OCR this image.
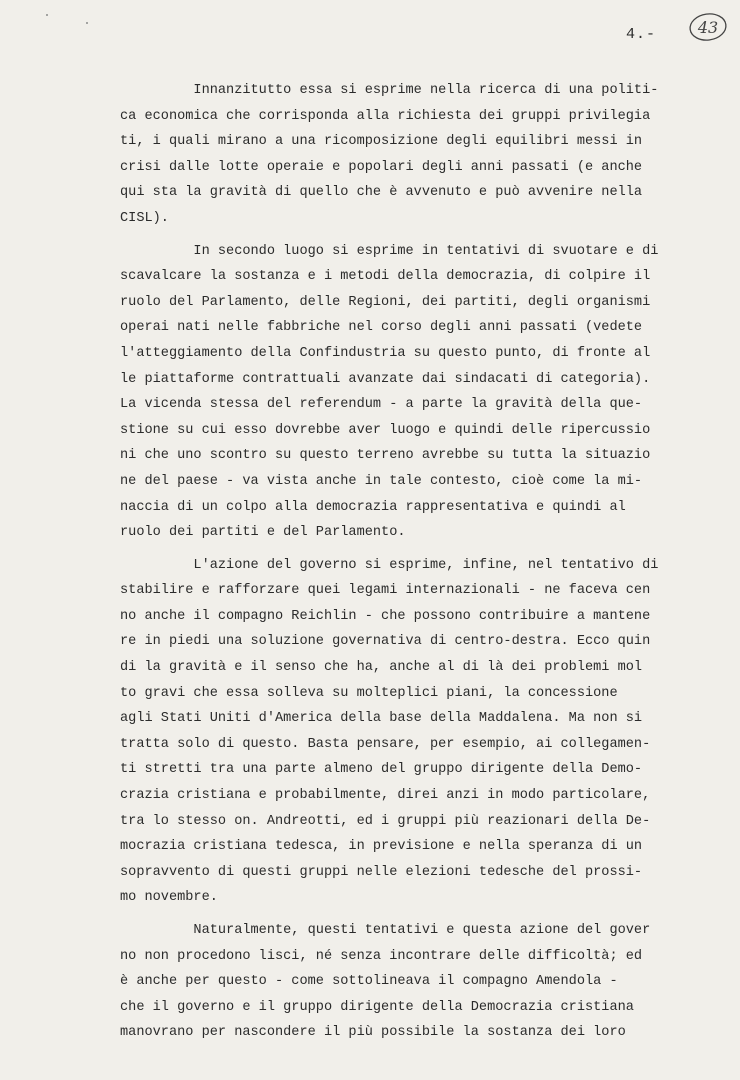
4.-	43
Innanzitutto essa si esprime nella ricerca di una politi-
ca economica che corrisponda alla richiesta dei gruppi privilegia
ti, i quali mirano a una ricomposizione degli equilibri messi in
crisi dalle lotte operaie e popolari degli anni passati (e anche
qui sta la gravità di quello che è avvenuto e può avvenire nella
CISL).
In secondo luogo si esprime in tentativi di svuotare e di
scavalcare la sostanza e i metodi della democrazia, di colpire il
ruolo del Parlamento, delle Regioni, dei partiti, degli organismi
operai nati nelle fabbriche nel corso degli anni passati (vedete
l'atteggiamento della Confindustria su questo punto, di fronte al
le piattaforme contrattuali avanzate dai sindacati di categoria).
La vicenda stessa del referendum - a parte la gravità della que-
stione su cui esso dovrebbe aver luogo e quindi delle ripercussio
ni che uno scontro su questo terreno avrebbe su tutta la situazio
ne del paese - va vista anche in tale contesto, cioè come la mi-
naccia di un colpo alla democrazia rappresentativa e quindi al
ruolo dei partiti e del Parlamento.
L'azione del governo si esprime, infine, nel tentativo di
stabilire e rafforzare quei legami internazionali - ne faceva cen
no anche il compagno Reichlin - che possono contribuire a mantene
re in piedi una soluzione governativa di centro-destra. Ecco quin
di la gravità e il senso che ha, anche al di là dei problemi mol
to gravi che essa solleva su molteplici piani, la concessione
agli Stati Uniti d'America della base della Maddalena. Ma non si
tratta solo di questo. Basta pensare, per esempio, ai collegamen-
ti stretti tra una parte almeno del gruppo dirigente della Demo-
crazia cristiana e probabilmente, direi anzi in modo particolare,
tra lo stesso on. Andreotti, ed i gruppi più reazionari della De-
mocrazia cristiana tedesca, in previsione e nella speranza di un
sopravvento di questi gruppi nelle elezioni tedesche del prossi-
mo novembre.
Naturalmente, questi tentativi e questa azione del gover
no non procedono lisci, né senza incontrare delle difficoltà; ed
è anche per questo - come sottolineava il compagno Amendola -
che il governo e il gruppo dirigente della Democrazia cristiana
manovrano per nascondere il più possibile la sostanza dei loro
